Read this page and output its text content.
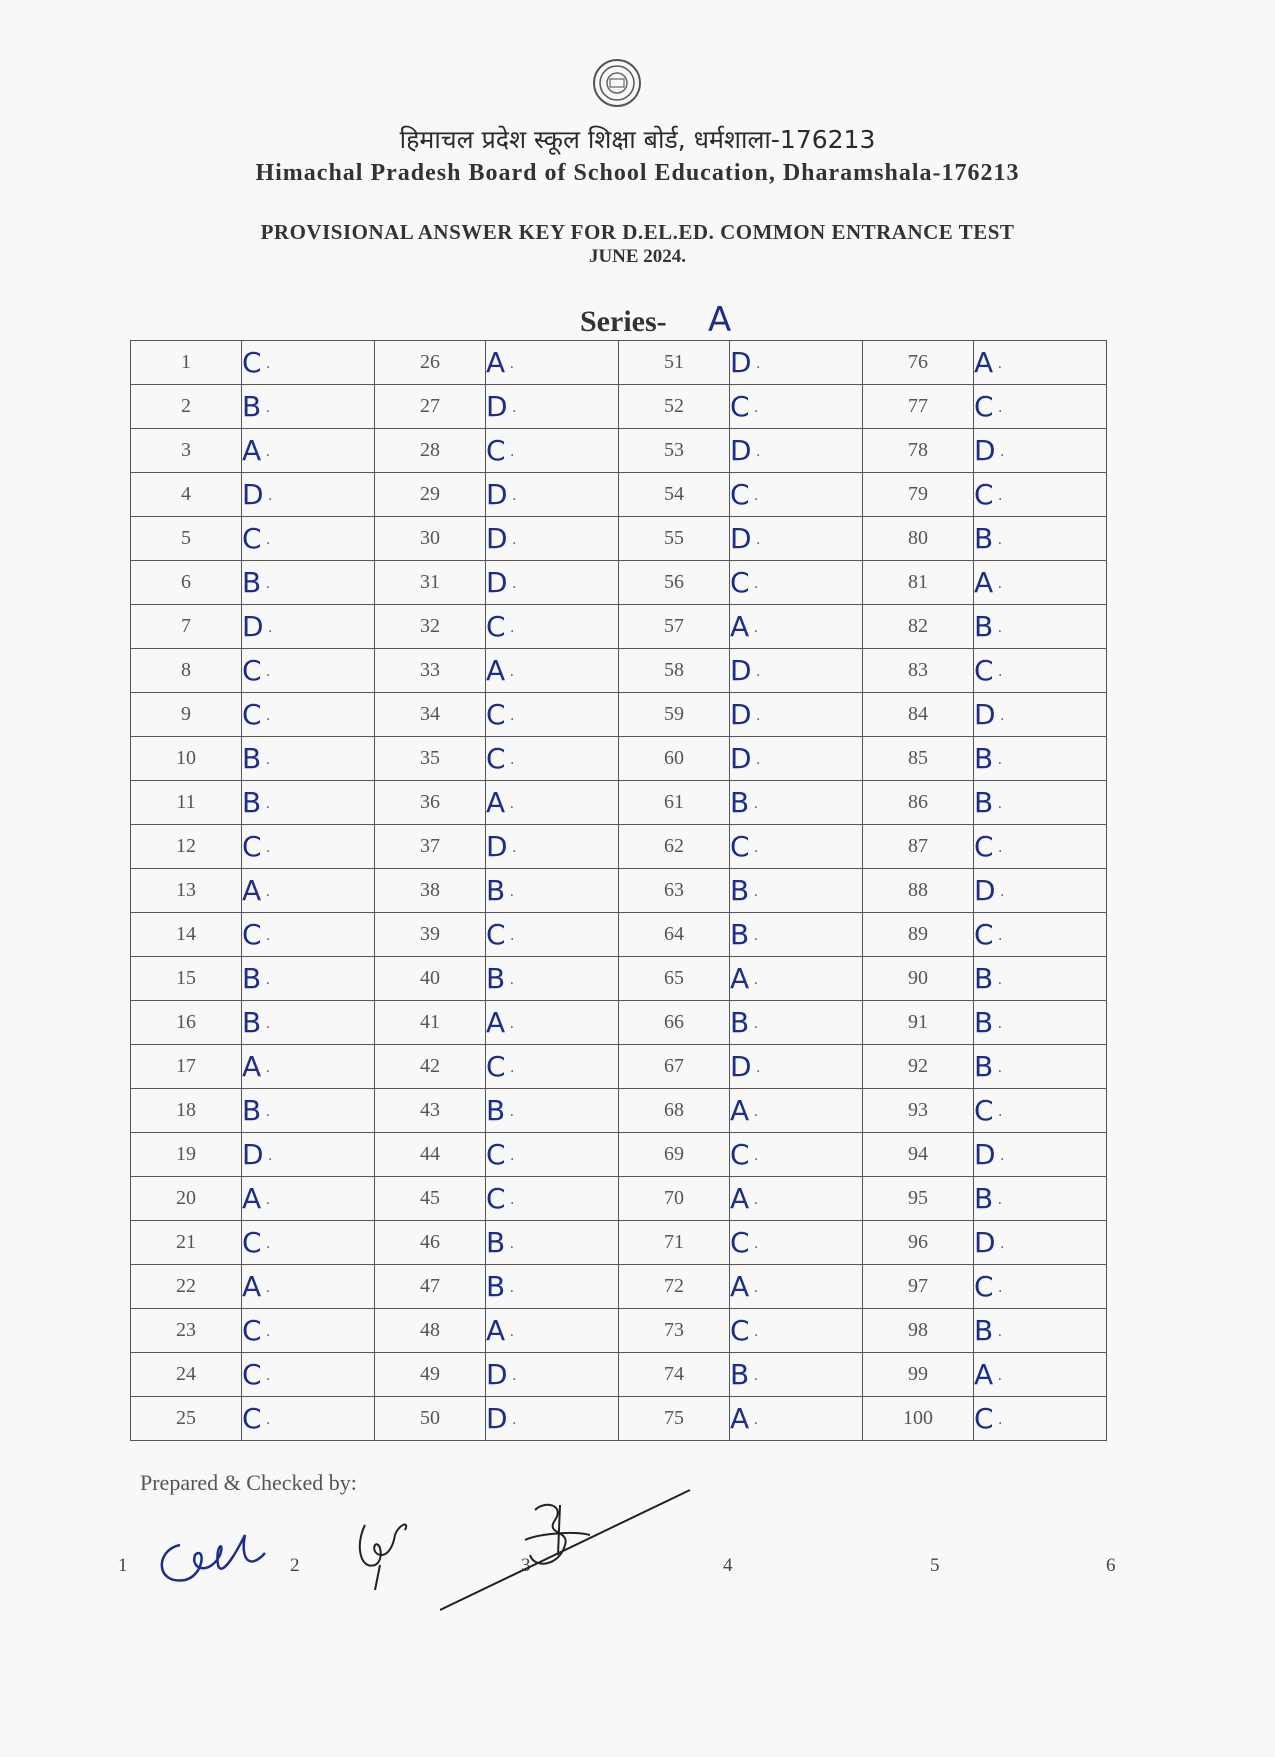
हिमाचल प्रदेश स्कूल शिक्षा बोर्ड, धर्मशाला-176213
Himachal Pradesh Board of School Education, Dharamshala-176213
PROVISIONAL ANSWER KEY FOR D.EL.ED. COMMON ENTRANCE TEST
JUNE 2024.
Series- A
1	C ·	26	A ·	51	D ·	76	A ·
2	B ·	27	D ·	52	C ·	77	C ·
3	A ·	28	C ·	53	D ·	78	D ·
4	D ·	29	D ·	54	C ·	79	C ·
5	C ·	30	D ·	55	D ·	80	B ·
6	B ·	31	D ·	56	C ·	81	A ·
7	D ·	32	C ·	57	A ·	82	B ·
8	C ·	33	A ·	58	D ·	83	C ·
9	C ·	34	C ·	59	D ·	84	D ·
10	B ·	35	C ·	60	D ·	85	B ·
11	B ·	36	A ·	61	B ·	86	B ·
12	C ·	37	D ·	62	C ·	87	C ·
13	A ·	38	B ·	63	B ·	88	D ·
14	C ·	39	C ·	64	B ·	89	C ·
15	B ·	40	B ·	65	A ·	90	B ·
16	B ·	41	A ·	66	B ·	91	B ·
17	A ·	42	C ·	67	D ·	92	B ·
18	B ·	43	B ·	68	A ·	93	C ·
19	D ·	44	C ·	69	C ·	94	D ·
20	A ·	45	C ·	70	A ·	95	B ·
21	C ·	46	B ·	71	C ·	96	D ·
22	A ·	47	B ·	72	A ·	97	C ·
23	C ·	48	A ·	73	C ·	98	B ·
24	C ·	49	D ·	74	B ·	99	A ·
25	C ·	50	D ·	75	A ·	100	C ·
Prepared & Checked by:
1	2	3	4	5	6
